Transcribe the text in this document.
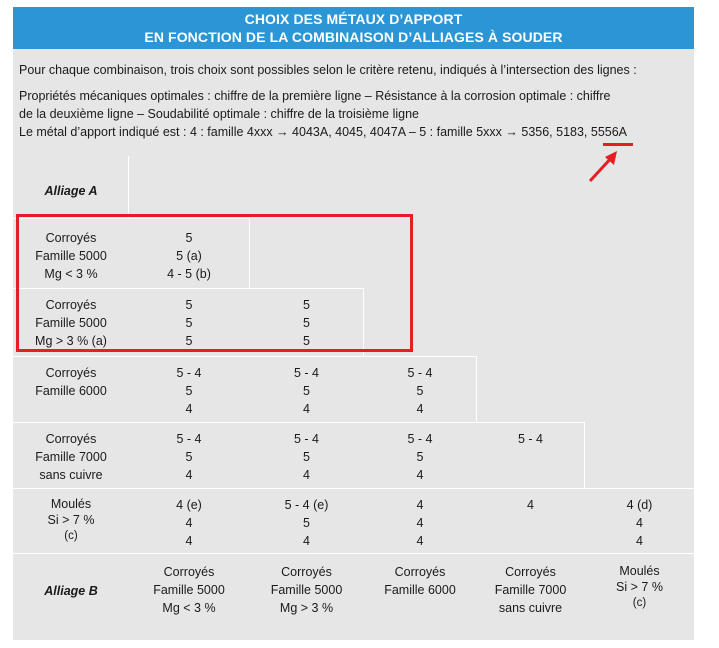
CHOIX DES MÉTAUX D’APPORT
EN FONCTION DE LA COMBINAISON D’ALLIAGES À SOUDER
Pour chaque combinaison, trois choix sont possibles selon le critère retenu, indiqués à l’intersection des lignes :
Propriétés mécaniques optimales : chiffre de la première ligne – Résistance à la corrosion optimale : chiffre
de la deuxième ligne – Soudabilité optimale : chiffre de la troisième ligne
Le métal d’apport indiqué est : 4 : famille 4xxx → 4043A, 4045, 4047A – 5 : famille 5xxx → 5356, 5183, 5556A
Alliage A
Corroyés
Famille 5000
Mg < 3 %
Corroyés
Famille 5000
Mg > 3 % (a)
Corroyés
Famille 6000
Corroyés
Famille 7000
sans cuivre
Moulés
Si > 7 %
(c)
5
5 (a)
4 - 5 (b)
5
5
5
5
5
5
5 - 4
5
4
5 - 4
5
4
5 - 4
5
4
5 - 4
5
4
5 - 4
5
4
5 - 4
5
4
5 - 4
4 (e)
4
4
5 - 4 (e)
5
4
4
4
4
4	4 (d)
4
4
Alliage B
Corroyés
Famille 5000
Mg < 3 %
Corroyés
Famille 5000
Mg > 3 %
Corroyés
Famille 6000
Corroyés
Famille 7000
sans cuivre
Moulés
Si > 7 %
(c)
